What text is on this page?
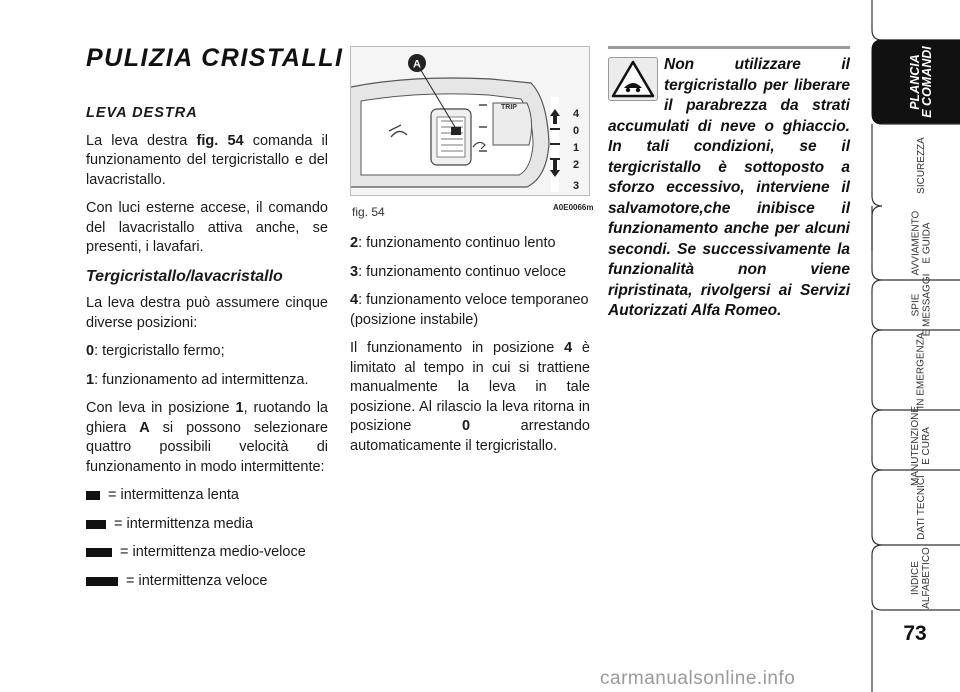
PULIZIA CRISTALLI
LEVA DESTRA

La leva destra fig. 54 comanda il funzionamento del tergicristallo e del lavacristallo.

Con luci esterne accese, il comando del lavacristallo attiva anche, se presenti, i lavafari.

Tergicristallo/lavacristallo

La leva destra può assumere cinque diverse posizioni:

0: tergicristallo fermo;

1: funzionamento ad intermittenza.

Con leva in posizione 1, ruotando la ghiera A si possono selezionare quattro possibili velocità di funzionamento in modo intermittente:

= intermittenza lenta
= intermittenza media
= intermittenza medio-veloce
= intermittenza veloce
TRIP
A
4
0
1
2
3
fig. 54	A0E0066m

2: funzionamento continuo lento

3: funzionamento continuo veloce

4: funzionamento veloce temporaneo (posizione instabile)

Il funzionamento in posizione 4 è limitato al tempo in cui si trattiene manualmente la leva in tale posizione. Al rilascio la leva ritorna in posizione 0 arrestando automaticamente il tergicristallo.

Non utilizzare il tergicristallo per liberare il parabrezza da strati accumulati di neve o ghiaccio. In tali condizioni, se il tergicristallo è sottoposto a sforzo eccessivo, interviene il salvamotore,che inibisce il funzionamento anche per alcuni secondi. Se successivamente la funzionalità non viene ripristinata, rivolgersi ai Servizi Autorizzati Alfa Romeo.
PLANCIA
E COMANDI
SICUREZZA
AVVIAMENTO
E GUIDA
SPIE
E MESSAGGI
IN EMERGENZA
MANUTENZIONE
E CURA
DATI TECNICI
INDICE
ALFABETICO
73
carmanualsonline.info
